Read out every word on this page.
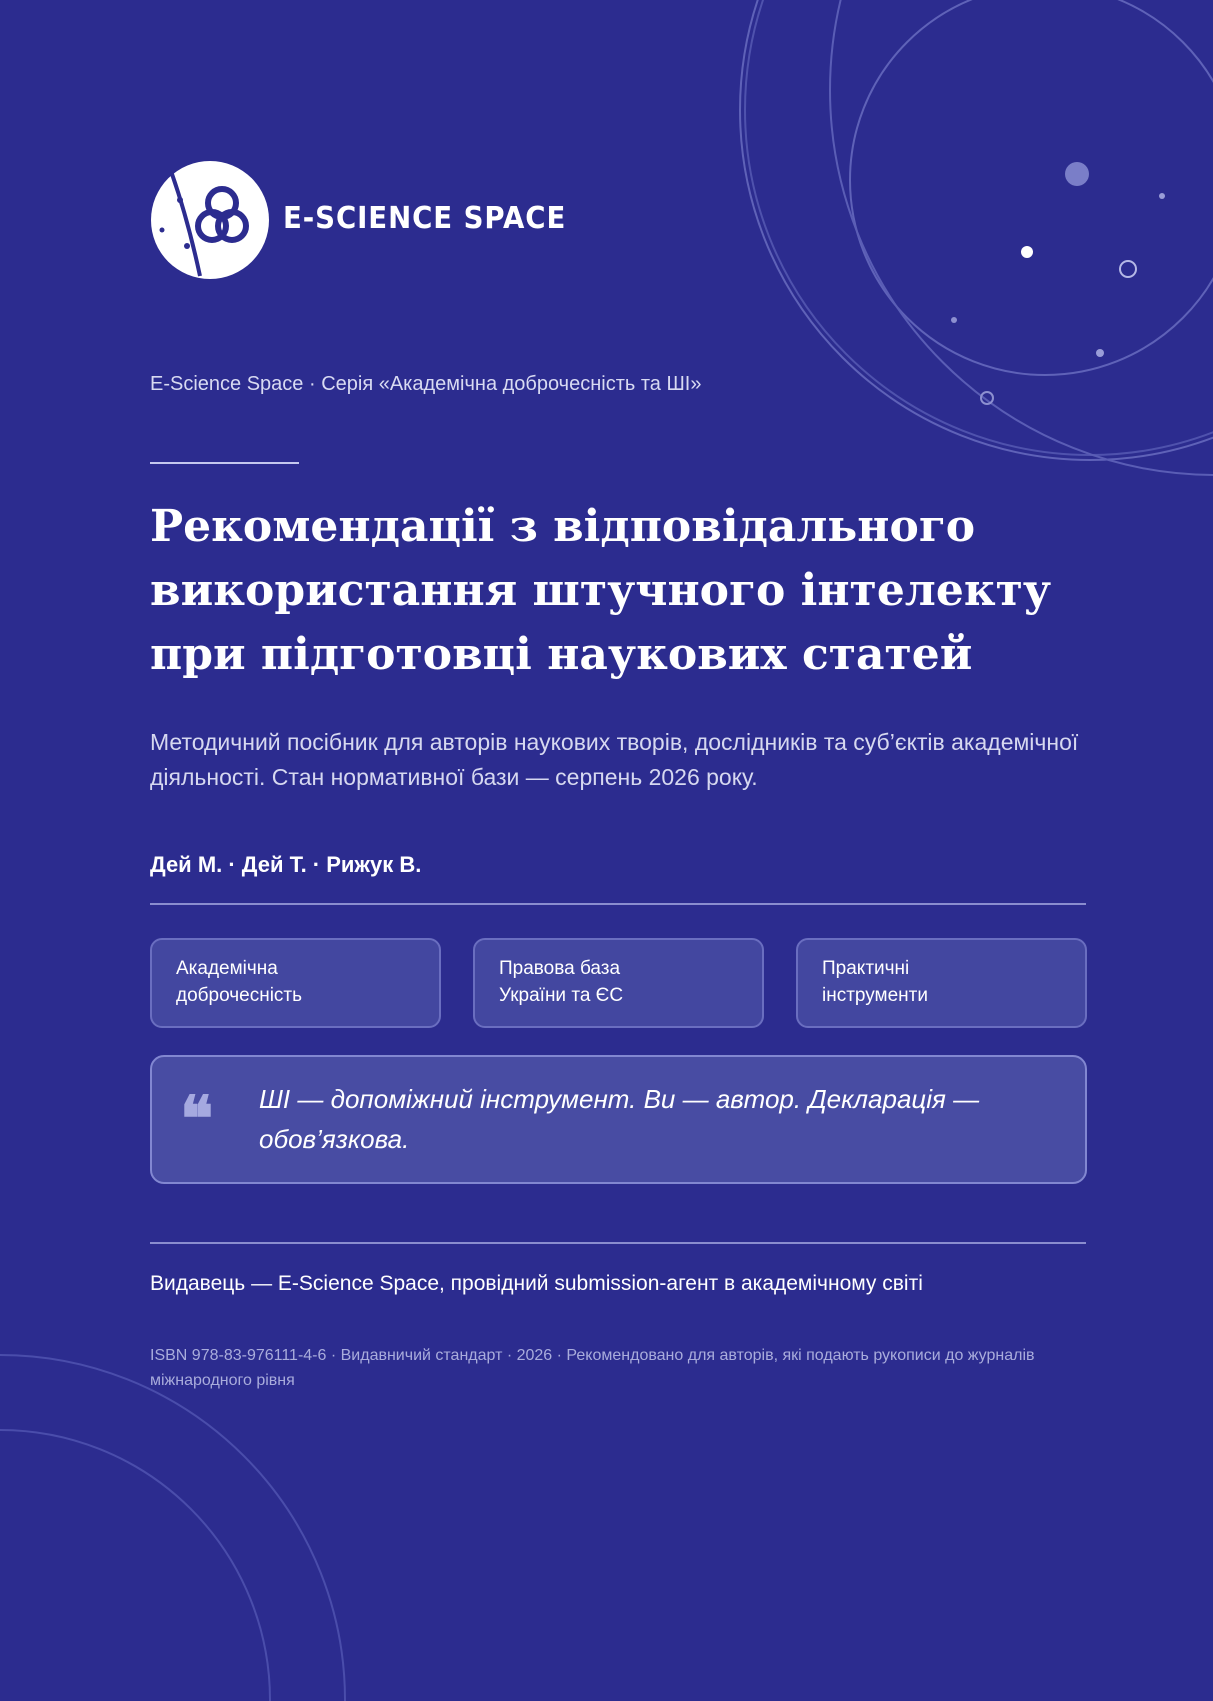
E-SCIENCE SPACE
E-Science Space · Серія «Академічна доброчесність та ШІ»
Рекомендації з відповідального використання штучного інтелекту при підготовці наукових статей

Методичний посібник для авторів наукових творів, дослідників та суб’єктів академічної діяльності. Стан нормативної бази — серпень 2026 року.

Дей М. · Дей Т. · Рижук В.
Академічна
доброчесність
Правова база
України та ЄС
Практичні
інструменти
❝ ШІ — допоміжний інструмент. Ви — автор. Декларація — обов’язкова.
Видавець — E-Science Space, провідний submission-агент в академічному світі

ISBN 978-83-976111-4-6 · Видавничий стандарт · 2026 · Рекомендовано для авторів, які подають рукописи до журналів міжнародного рівня
